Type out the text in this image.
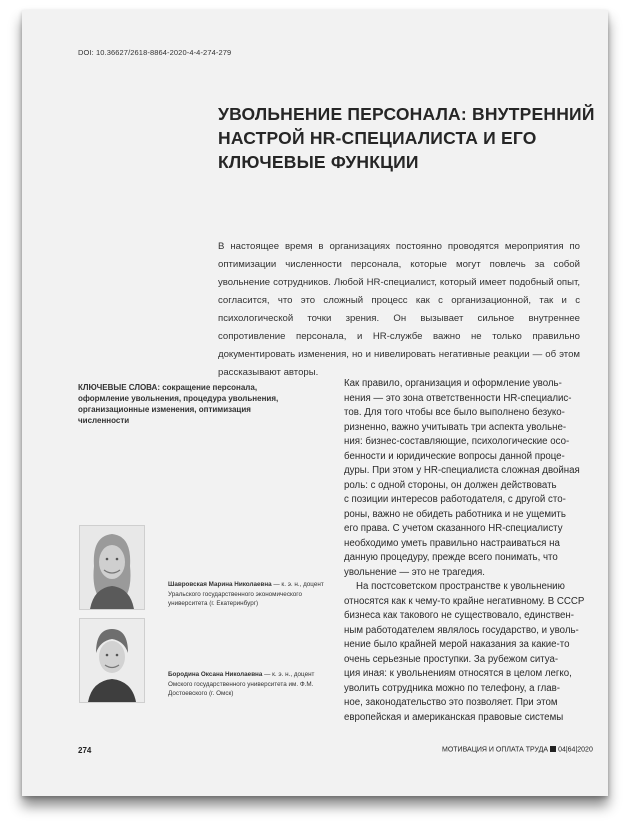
DOI: 10.36627/2618-8864-2020-4-4-274-279
УВОЛЬНЕНИЕ ПЕРСОНАЛА: ВНУТРЕННИЙ
НАСТРОЙ HR-СПЕЦИАЛИСТА И ЕГО
КЛЮЧЕВЫЕ ФУНКЦИИ
В настоящее время в организациях постоянно проводятся мероприятия по оптимизации численности персонала, которые могут повлечь за собой увольнение сотрудников. Любой HR-специалист, который имеет подобный опыт, согласится, что это сложный процесс как с организационной, так и с психологической точки зрения. Он вызывает сильное внутреннее сопротивление персонала, и HR-службе важно не только правильно документировать изменения, но и нивелировать негативные реакции — об этом рассказывают авторы.
КЛЮЧЕВЫЕ СЛОВА: сокращение персонала, оформление увольнения, процедура увольнения, организационные изменения, оптимизация численности
Как правило, организация и оформление уволь-
нения — это зона ответственности HR-специалис-
тов. Для того чтобы все было выполнено безуко-
ризненно, важно учитывать три аспекта увольне-
ния: бизнес-составляющие, психологические осо-
бенности и юридические вопросы данной проце-
дуры. При этом у HR-специалиста сложная двойная
роль: с одной стороны, он должен действовать
с позиции интересов работодателя, с другой сто-
роны, важно не обидеть работника и не ущемить
его права. С учетом сказанного HR-специалисту
необходимо уметь правильно настраиваться на
данную процедуру, прежде всего понимать, что
увольнение — это не трагедия.
На постсоветском пространстве к увольнению
относятся как к чему-то крайне негативному. В СССР
бизнеса как такового не существовало, единствен-
ным работодателем являлось государство, и уволь-
нение было крайней мерой наказания за какие-то
очень серьезные проступки. За рубежом ситуа-
ция иная: к увольнениям относятся в целом легко,
уволить сотрудника можно по телефону, а глав-
ное, законодательство это позволяет. При этом
европейская и американская правовые системы
Шавровская Марина Николаевна — к. э. н., доцент Уральского государственного экономического университета (г. Екатеринбург)
Бородина Оксана Николаевна — к. э. н., доцент Омского государственного университета им. Ф.М. Достоевского (г. Омск)
274	МОТИВАЦИЯ И ОПЛАТА ТРУДА 04|64|2020
